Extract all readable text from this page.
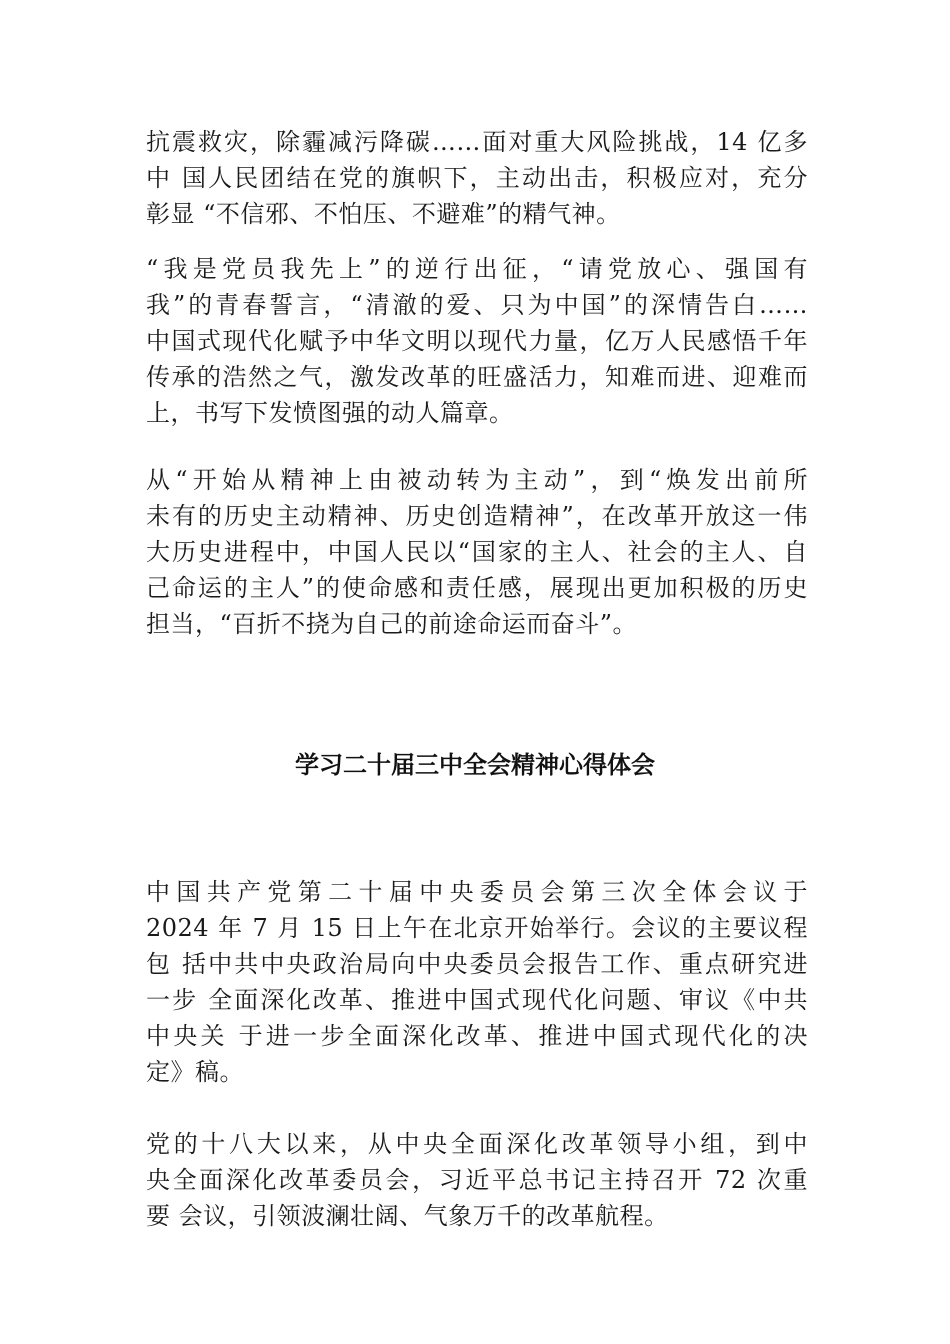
抗震救灾，除霾减污降碳……面对重大风险挑战，14 亿多
中 国人民团结在党的旗帜下，主动出击，积极应对，充分
彰显 “不信邪、不怕压、不避难”的精气神。
“我是党员我先上”的逆行出征，“请党放心、强国有
我”的青春誓言，“清澈的爱、只为中国”的深情告白……
中国式现代化赋予中华文明以现代力量，亿万人民感悟千年
传承的浩然之气，激发改革的旺盛活力，知难而进、迎难而
上，书写下发愤图强的动人篇章。
从“开始从精神上由被动转为主动”，到“焕发出前所
未有的历史主动精神、历史创造精神”，在改革开放这一伟
大历史进程中，中国人民以“国家的主人、社会的主人、自
己命运的主人”的使命感和责任感，展现出更加积极的历史
担当，“百折不挠为自己的前途命运而奋斗”。
学习二十届三中全会精神心得体会
中国共产党第二十届中央委员会第三次全体会议于
2024 年 7 月 15 日上午在北京开始举行。会议的主要议程
包 括中共中央政治局向中央委员会报告工作、重点研究进
一步 全面深化改革、推进中国式现代化问题、审议《中共
中央关 于进一步全面深化改革、推进中国式现代化的决
定》稿。
党的十八大以来，从中央全面深化改革领导小组，到中
央全面深化改革委员会，习近平总书记主持召开 72 次重
要 会议，引领波澜壮阔、气象万千的改革航程。
